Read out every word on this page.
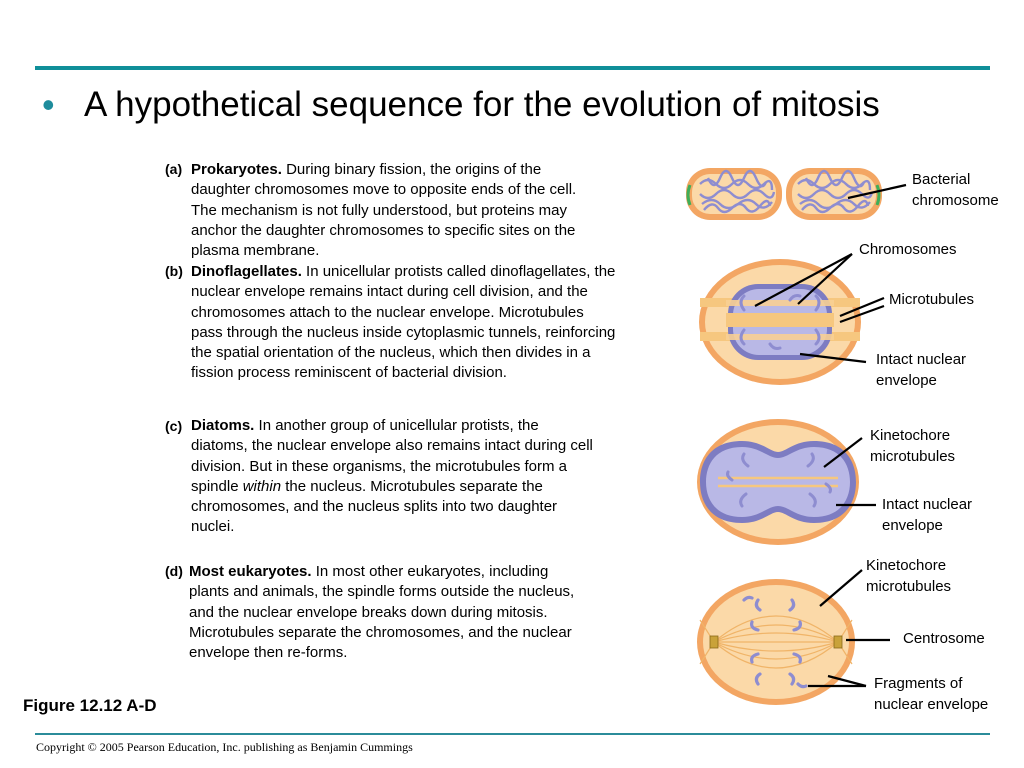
• A hypothetical sequence for the evolution of mitosis
(a) Prokaryotes. During binary fission, the origins of the daughter chromosomes move to opposite ends of the cell. The mechanism is not fully understood, but proteins may anchor the daughter chromosomes to specific sites on the plasma membrane.
(b) Dinoflagellates. In unicellular protists called dinoflagellates, the nuclear envelope remains intact during cell division, and the chromosomes attach to the nuclear envelope. Microtubules pass through the nucleus inside cytoplasmic tunnels, reinforcing the spatial orientation of the nucleus, which then divides in a fission process reminiscent of bacterial division.
(c) Diatoms. In another group of unicellular protists, the diatoms, the nuclear envelope also remains intact during cell division. But in these organisms, the microtubules form a spindle within the nucleus. Microtubules separate the chromosomes, and the nucleus splits into two daughter nuclei.
(d) Most eukaryotes. In most other eukaryotes, including plants and animals, the spindle forms outside the nucleus, and the nuclear envelope breaks down during mitosis. Microtubules separate the chromosomes, and the nuclear envelope then re-forms.
Bacterial chromosome
Chromosomes
Microtubules
Intact nuclear envelope
Kinetochore microtubules
Intact nuclear envelope
Kinetochore microtubules
Centrosome
Fragments of nuclear envelope
Figure 12.12 A-D
Copyright © 2005 Pearson Education, Inc. publishing as Benjamin Cummings
